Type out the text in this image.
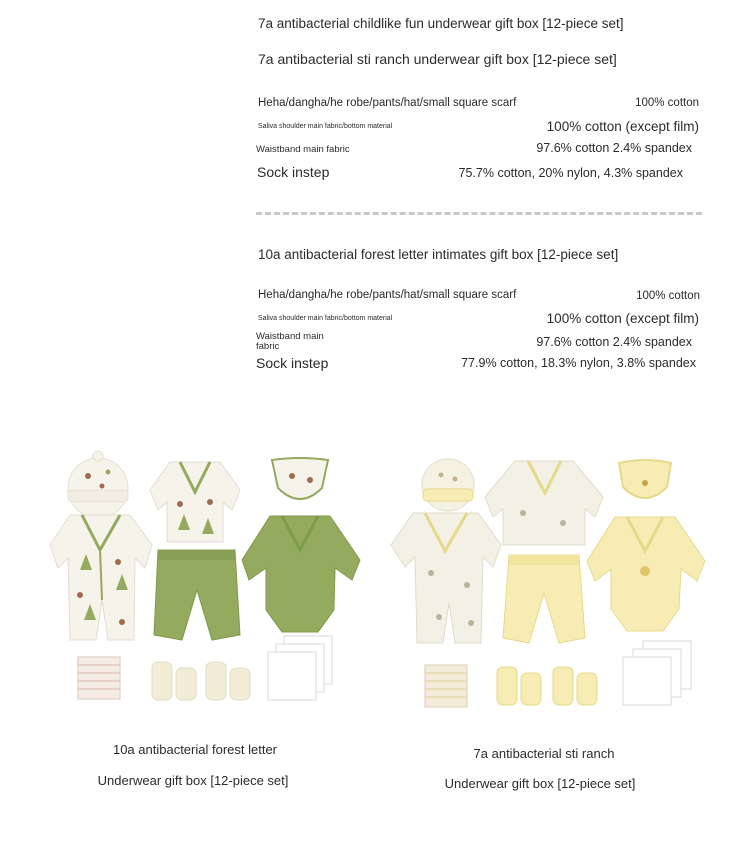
7a antibacterial childlike fun underwear gift box [12-piece set]
7a antibacterial sti ranch underwear gift box [12-piece set]
Heha/dangha/he robe/pants/hat/small square scarf	100% cotton
Saliva shoulder main fabric/bottom material	100% cotton (except film)
Waistband main fabric	97.6% cotton 2.4% spandex
Sock instep	75.7% cotton, 20% nylon, 4.3% spandex
10a antibacterial forest letter intimates gift box [12-piece set]
Heha/dangha/he robe/pants/hat/small square scarf	100% cotton
Saliva shoulder main fabric/bottom material	100% cotton (except film)
Waistband main
fabric	97.6% cotton 2.4% spandex
Sock instep	77.9% cotton, 18.3% nylon, 3.8% spandex
10a antibacterial forest letter
Underwear gift box [12-piece set]
7a antibacterial sti ranch
Underwear gift box [12-piece set]
